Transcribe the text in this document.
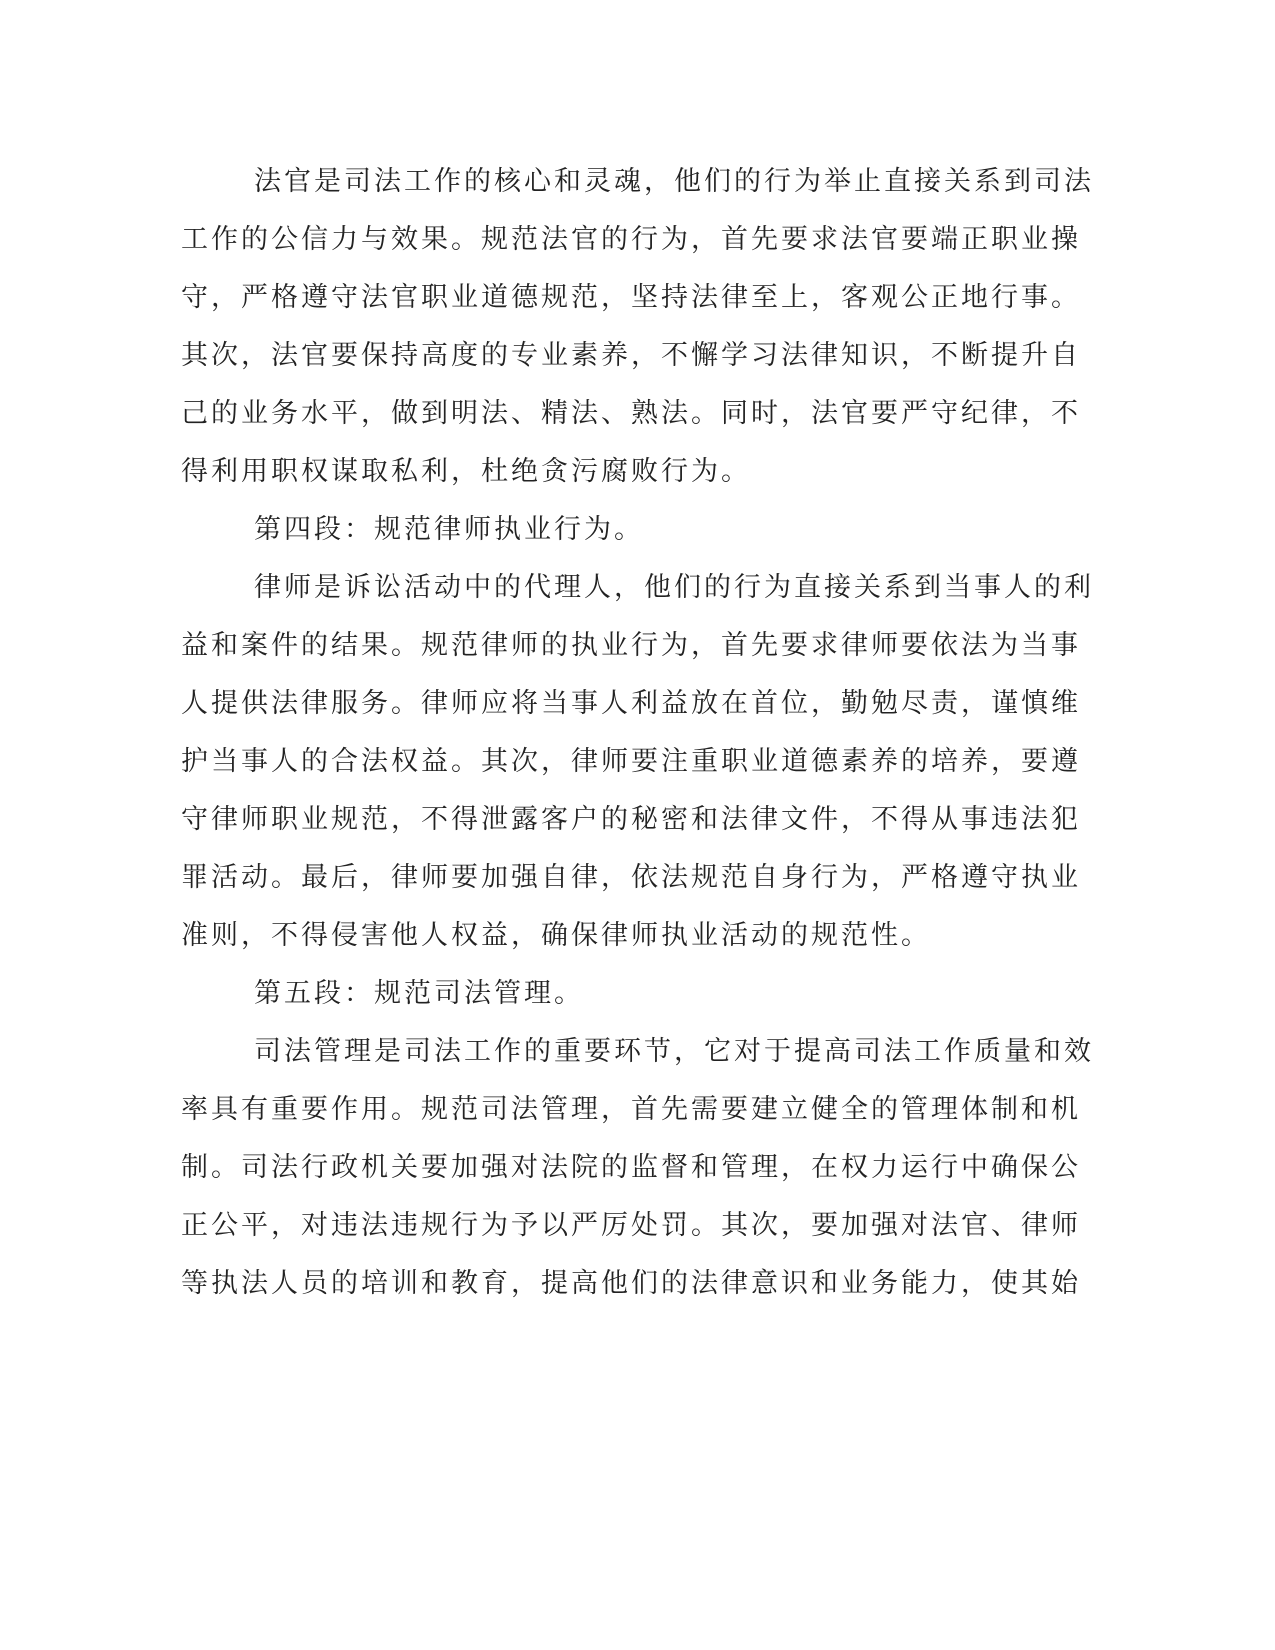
法官是司法工作的核心和灵魂，他们的行为举止直接关系到司法
工作的公信力与效果。规范法官的行为，首先要求法官要端正职业操
守，严格遵守法官职业道德规范，坚持法律至上，客观公正地行事。
其次，法官要保持高度的专业素养，不懈学习法律知识，不断提升自
己的业务水平，做到明法、精法、熟法。同时，法官要严守纪律，不
得利用职权谋取私利，杜绝贪污腐败行为。
第四段：规范律师执业行为。
律师是诉讼活动中的代理人，他们的行为直接关系到当事人的利
益和案件的结果。规范律师的执业行为，首先要求律师要依法为当事
人提供法律服务。律师应将当事人利益放在首位，勤勉尽责，谨慎维
护当事人的合法权益。其次，律师要注重职业道德素养的培养，要遵
守律师职业规范，不得泄露客户的秘密和法律文件，不得从事违法犯
罪活动。最后，律师要加强自律，依法规范自身行为，严格遵守执业
准则，不得侵害他人权益，确保律师执业活动的规范性。
第五段：规范司法管理。
司法管理是司法工作的重要环节，它对于提高司法工作质量和效
率具有重要作用。规范司法管理，首先需要建立健全的管理体制和机
制。司法行政机关要加强对法院的监督和管理，在权力运行中确保公
正公平，对违法违规行为予以严厉处罚。其次，要加强对法官、律师
等执法人员的培训和教育，提高他们的法律意识和业务能力，使其始
